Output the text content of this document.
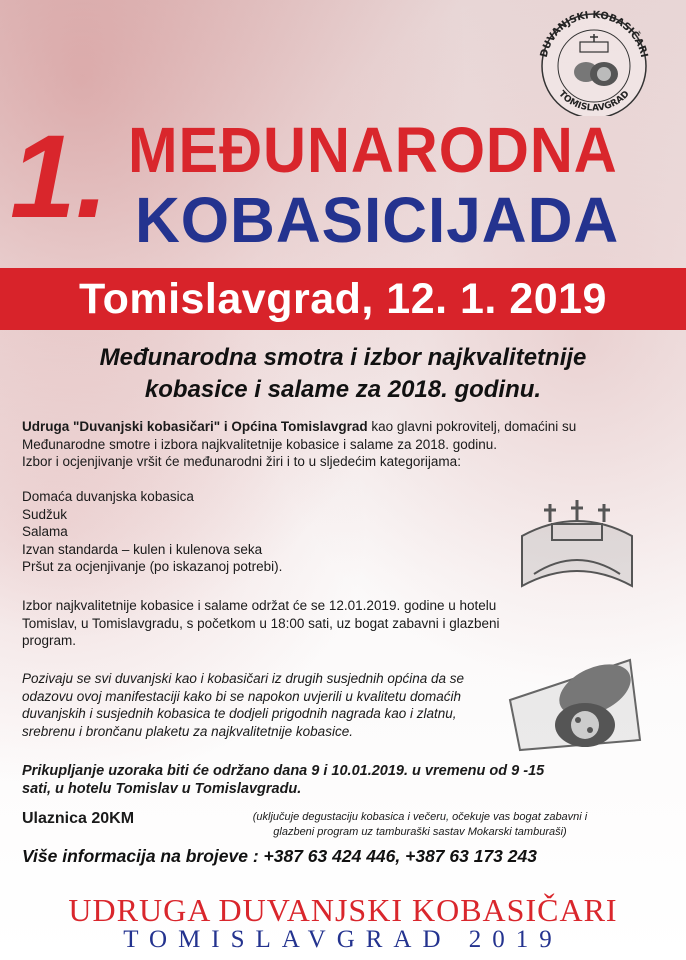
DUVANJSKI KOBASIČARI
TOMISLAVGRAD
1. MEĐUNARODNA
KOBASICIJADA
Tomislavgrad, 12. 1. 2019
Međunarodna smotra i izbor najkvalitetnije
kobasice i salame za 2018. godinu.

Udruga "Duvanjski kobasičari" i Općina Tomislavgrad kao glavni pokrovitelj, domaćini su

Međunarodne smotre i izbora najkvalitetnije kobasice i salame za 2018. godinu.

Izbor i ocjenjivanje vršit će međunarodni žiri i to u sljedećim kategorijama:

Domaća duvanjska kobasica

Sudžuk

Salama

Izvan standarda – kulen i kulenova seka

Pršut za ocjenjivanje (po iskazanoj potrebi).

Izbor najkvalitetnije kobasice i salame održat će se 12.01.2019. godine u hotelu

Tomislav, u Tomislavgradu, s početkom u 18:00 sati, uz bogat zabavni i glazbeni

program.

Pozivaju se svi duvanjski kao i kobasičari iz drugih susjednih općina da se

odazovu ovoj manifestaciji kako bi se napokon uvjerili u kvalitetu domaćih

duvanjskih i susjednih kobasica te dodjeli prigodnih nagrada kao i zlatnu,

srebrenu i brončanu plaketu za najkvalitetnije kobasice.

Prikupljanje uzoraka biti će održano dana 9 i 10.01.2019. u vremenu od 9 -15

sati, u hotelu Tomislav u Tomislavgradu.

Ulaznica 20KM	(uključuje degustaciju kobasica i večeru, očekuje vas bogat zabavni i
glazbeni program uz tamburaški sastav Mokarski tamburaši)
Više informacija na brojeve : +387 63 424 446, +387 63 173 243
UDRUGA DUVANJSKI KOBASIČARI
TOMISLAVGRAD 2019
